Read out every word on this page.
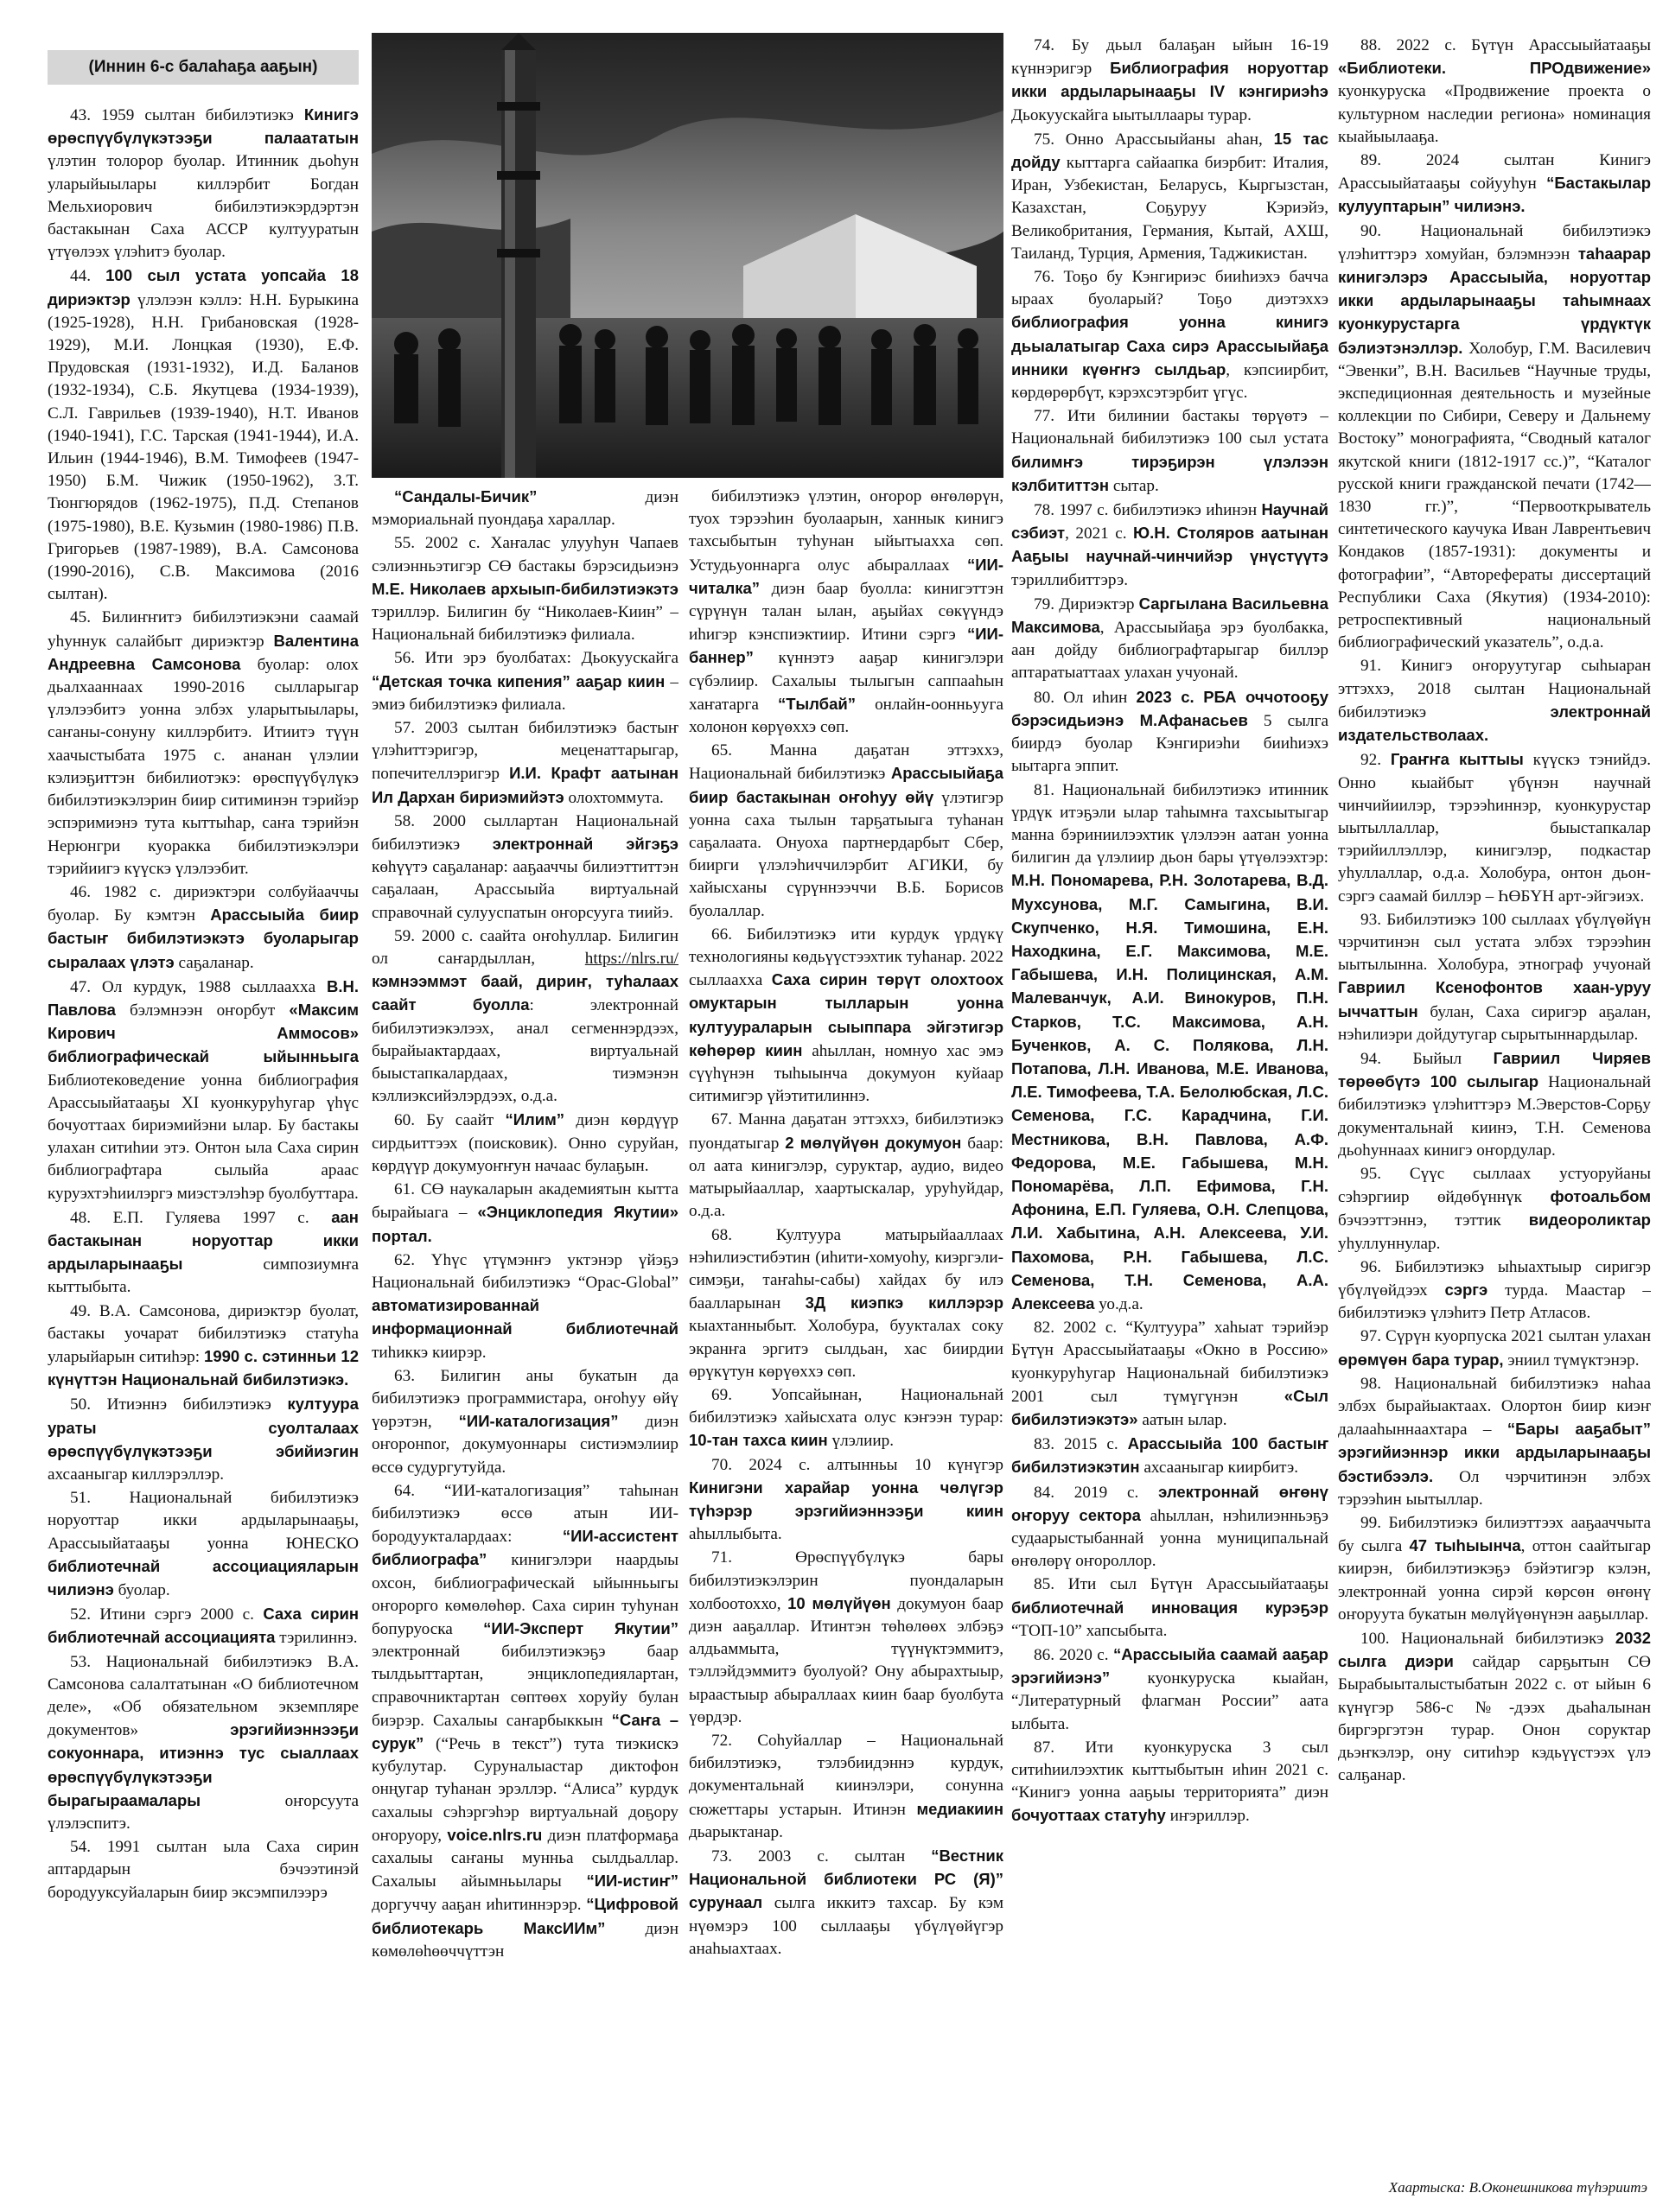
(Иннин 6-с балаһаҕа ааҕын)

43. 1959 сылтан бибилэтиэкэ Кинигэ өрөспүүбүлүкэтээҕи палаататын үлэтин толорор буолар. Итинник дьоһун уларыйыылары киллэрбит Богдан Мельхиорович бибилэтиэкэрдэртэн бастакынан Саха АССР култууратын үтүөлээх үлэһитэ буолар.

44. 100 сыл устата уопсайа 18 дириэктэр үлэлээн кэллэ: Н.Н. Бурыкина (1925-1928), Н.Н. Грибановская (1928-1929), М.И. Лонцкая (1930), Е.Ф. Прудовская (1931-1932), И.Д. Баланов (1932-1934), С.Б. Якутцева (1934-1939), С.Л. Гаврильев (1939-1940), Н.Т. Иванов (1940-1941), Г.С. Тарская (1941-1944), И.А. Ильин (1944-1946), В.М. Тимофеев (1947-1950) Б.М. Чижик (1950-1962), З.Т. Тюнгюрядов (1962-1975), П.Д. Степанов (1975-1980), В.Е. Кузьмин (1980-1986) П.В. Григорьев (1987-1989), В.А. Самсонова (1990-2016), С.В. Максимова (2016 сылтан).

45. Билиҥҥитэ бибилэтиэкэни саамай уһуннук салайбыт дириэктэр Валентина Андреевна Самсонова буолар: олох дьалхааннаах 1990-2016 сылларыгар үлэлээбитэ уонна элбэх уларытыылары, саҥаны-сонуну киллэрбитэ. Итиитэ түүн хаачыстыбата 1975 с. ананан үлэлии кэлиэҕиттэн бибилиотэкэ: өрөспүүбүлүкэ бибилэтиэкэлэрин биир ситиминэн тэрийэр эспэримиэнэ тута кыттыһар, саҥа тэрийэн Нерюнгри куоракка бибилэтиэкэлэри тэрийиигэ күүскэ үлэлээбит.

46. 1982 с. дириэктэри солбуйааччы буолар. Бу кэмтэн Арассыыйа биир бастыҥ бибилэтиэкэтэ буоларыгар сыралаах үлэтэ саҕаланар.

47. Ол курдук, 1988 сыллааххa В.Н. Павлова бэлэмнээн оҥорбут «Максим Кирович Аммосов» библиографическай ыйынньыга Библиотековедение уонна библиография Арассыыйатааҕы XI куонкуруһугар үһүс бочуоттаах бириэмийэни ылар. Бу бастакы улахан ситиһии этэ. Онтон ыла Саха сирин библиографтара сылыйа араас куруэхтэһиилэргэ миэстэлэһэр буолбуттара.

48. Е.П. Гуляева 1997 с. аан бастакынан норуоттар икки ардыларынааҕы симпозиумҥа кыттыбыта.

49. В.А. Самсонова, дириэктэр буолат, бастакы уочарат бибилэтиэкэ статуһа уларыйарын ситиһэр: 1990 с. сэтинньи 12 күнүттэн Национальнай бибилэтиэкэ.

50. Итиэннэ бибилэтиэкэ култуура ураты суолталаах өрөспүүбүлүкэтээҕи эбийиэгин ахсааныгар киллэрэллэр.

51. Национальнай бибилэтиэкэ норуоттар икки ардыларынааҕы, Арассыыйатааҕы уонна ЮНЕСКО библиотечнай ассоциацияларын чилиэнэ буолар.

52. Итини сэргэ 2000 с. Саха сирин библиотечнай ассоциацията тэрилиннэ.

53. Национальнай бибилэтиэкэ В.А. Самсонова салалтатынан «О библиотечном деле», «Об обязательном экземпляре документов» эрэгийиэннээҕи сокуоннара, итиэннэ тус сыаллаах өрөспүүбүлүкэтээҕи бырагыраамалары оҥорсуута үлэлэспитэ.

54. 1991 сылтан ыла Саха сирин аптардарын бэчээтинэй бородууксуйаларын биир эксэмпилээрэ

“Сандалы-Бичик” диэн мэмориальнай пуондаҕа хараллар.

55. 2002 с. Хаҥалас улууһун Чапаев сэлиэнньэтигэр СӨ бастакы бэрэсидьиэнэ М.Е. Николаев архыып-бибилэтиэкэтэ тэриллэр. Билигин бу “Николаев-Киин” – Национальнай бибилэтиэкэ филиала.

56. Ити эрэ буолбатах: Дьокуускайга “Детская точка кипения” ааҕар киин – эмиэ бибилэтиэкэ филиала.

57. 2003 сылтан бибилэтиэкэ бастыҥ үлэһиттэригэр, меценаттарыгар, попечителлэригэр И.И. Крафт аатынан Ил Дархан бириэмийэтэ олохтоммута.

58. 2000 сыллартан Национальнай бибилэтиэкэ электроннай эйгэҕэ көһүүтэ саҕаланар: ааҕааччы билиэттиттэн саҕалаан, Арассыыйа виртуальнай справочнай сулууспатын оҥорсууга тиийэ.

59. 2000 с. саайта оҥоһуллар. Билигин ол саҥардыллан, https://nlrs.ru/ кэмнээммэт баай, дириҥ, туһалаах саайт буолла: электроннай бибилэтиэкэлээх, анал сегменнэрдээх, бырайыактардаах, виртуальнай быыстапкалардаах, тиэмэнэн кэллиэксийэлэрдээх, о.д.а.

60. Бу саайт “Илим” диэн көрдүүр сирдьиттээх (поисковик). Онно суруйан, көрдүүр докумуоҥҥун начаас булаҕын.

61. СӨ наукаларын академиятын кытта бырайыага – «Энциклопедия Якутии» портал.

62. Үһүс үтүмэнҥэ уктэнэр үйэҕэ Национальнай бибилэтиэкэ “Opac-Global” автоматизированнай информационнай библиотечнай тиһиккэ киирэр.

63. Билигин аны букатын да бибилэтиэкэ программистара, оҥоһуу өйү үөрэтэн, “ИИ-каталогизация” диэн оҥоронnor, докумуоннары систиэмэлиир өссө судургутуйда.

64. “ИИ-каталогизация” таһынан бибилэтиэкэ өссө атын ИИ-бородуукталардаах: “ИИ-ассистент библиографа” кинигэлэри наардыы охсон, библиографическай ыйынньыгы оҥорорго көмөлөһөр. Саха сирин туһунан бопуруоска “ИИ-Эксперт Якутии” электроннай бибилэтиэкэҕэ баар тылдьыттартан, энциклопедиялартан, справочниктартан сөптөөх хоруйу булан биэрэр. Сахалыы саҥарбыккын “Саҥа – сурук” (“Речь в текст”) тута тиэкискэ кубулутар. Суруналыастар диктофон онңугар туһанан эрэллэр. “Алиса” курдук сахалыы сэһэргэһэр виртуальнай доҕору оҥоруору, voice.nlrs.ru диэн платформаҕа сахалыы саҥаны мунньа сылдьаллар. Сахалыы айымньылары “ИИ-истиҥ” доргуччу ааҕан иһитиннэрэр. “Цифровой библиотекарь МаксИИм” диэн көмөлөһөөччүттэн

бибилэтиэкэ үлэтин, оҥорор өҥөлөрүн, туох тэрээһин буолаарын, ханнык кинигэ тахсыбытын туһунан ыйытыахха сөп. Устудьуоннарга олус абыраллаах “ИИ-читалка” диэн баар буолла: кинигэттэн сүрүнүн талан ылан, аҕыйах сөкүүндэ иһигэр кэнспиэктиир. Итини сэргэ “ИИ-баннер” күннэтэ ааҕар кинигэлэри сүбэлиир. Сахалыы тылыгын саппааһын хаҥатарга “Тылбай” онлайн-оонньууга холонон көрүөххэ сөп.

65. Манна даҕатан эттэххэ, Национальнай бибилэтиэкэ Арассыыйаҕа биир бастакынан оҥоһуу өйү үлэтигэр уонна саха тылын тарҕатыыга туһанан саҕалаата. Онуоха партнердарбыт Сбер, биирги үлэлэһиччилэрбит АГИКИ, бу хайысханы сүрүннээччи В.Б. Борисов буолаллар.

66. Бибилэтиэкэ ити курдук үрдүкү технологияны көдьүүстээхтик туһанар. 2022 сыллааххa Саха сирин төрүт олохтоох омуктарын тылларын уонна култуураларын сыыппара эйгэтигэр көһөрөр киин аһыллан, номнуо хас эмэ сүүһүнэн тыһыынча докумуон куйаар ситимигэр үйэтитилиннэ.

67. Манна даҕатан эттэххэ, бибилэтиэкэ пуондатыгар 2 мөлүйүөн докумуон баар: ол аата кинигэлэр, суруктар, аудио, видео матырыйааллар, хаартыскалар, уруһуйдар, о.д.а.

68. Култуура матырыйааллаах нэһилиэстибэтин (иһити-хомуоһу, киэргэли-симэҕи, таҥаһы-сабы) хайдах бу илэ баалларынан 3Д киэпкэ киллэрэр кыахтанныбыт. Холобура, буукталах соку экранҥа эргитэ сылдьан, хас биирдии өрүкүтун көрүөххэ сөп.

69. Уопсайынан, Национальнай бибилэтиэкэ хайысхата олус кэҥээн турар: 10-тан тахса киин үлэлиир.

70. 2024 с. алтынньы 10 күнүгэр Кинигэни харайар уонна чөлүгэр түһэрэр эрэгийиэннээҕи киин аһыллыбыта.

71. Өрөспүүбүлүкэ бары бибилэтиэкэлэрин пуондаларын холбоотоххо, 10 мөлүйүөн докумуон баар диэн ааҕаллар. Итинтэн төһөлөөх элбэҕэ алдьаммыта, түүнүктэммитэ, тэллэйдэммитэ буолуой? Ону абырахтыыр, ыраастыыр абыраллаах киин баар буолбута үөрдэр.

72. Соһуйаллар – Национальнай бибилэтиэкэ, тэлэбиидэннэ курдук, документальнай киинэлэри, сонунна сюжеттары устарын. Итинэн медиакиин дьарыктанар.

73. 2003 с. сылтан “Вестник Национальной библиотеки РС (Я)” сурунаал сылга иккитэ тахсар. Бу кэм нүөмэрэ 100 сыллааҕы үбүлүөйүгэр анаһыахтаах.

74. Бу дьыл балаҕан ыйын 16-19 күннэригэр Библиография норуоттар икки ардыларынааҕы IV кэнгириэһэ Дьокуускайга ыытыллаары турар.

75. Онно Арассыыйаны аһан, 15 тас дойду кыттарга сайаапка биэрбит: Италия, Иран, Узбекистан, Беларусь, Кыргызстан, Казахстан, Соҕуруу Кэриэйэ, Великобритания, Германия, Кытай, АХШ, Таиланд, Турция, Армения, Таджикистан.

76. Тоҕо бу Кэнгириэс бииһиэхэ бачча ыраах буоларый? Тоҕо диэтэххэ библиография уонна кинигэ дьыалатыгар Саха сирэ Арассыыйаҕа инники күөҥҥэ сылдьар, кэпсиирбит, көрдөрөрбүт, кэрэхсэтэрбит үгүс.

77. Ити билинии бастакы төрүөтэ – Национальнай бибилэтиэкэ 100 сыл устата билимҥэ тирэҕирэн үлэлээн кэлбититтэн сытар.

78. 1997 с. бибилэтиэкэ иһинэн Научнай сэбиэт, 2021 с. Ю.Н. Столяров аатынан Ааҕыы научнай-чинчийэр үнүстүүтэ тэриллибиттэрэ.

79. Дириэктэр Саргылана Васильевна Максимова, Арассыыйаҕа эрэ буолбакка, аан дойду библиографтарыгар биллэр аптаратыаттаах улахан учуонай.

80. Ол иһин 2023 с. РБА оччотооҕу бэрэсидьиэнэ М.Афанасьев 5 сылга биирдэ буолар Кэнгириэһи бииһиэхэ ыытарга эппит.

81. Национальнай бибилэтиэкэ итинник үрдүк итэҕэли ылар таһымҥа тахсыытыгар манна бэриниилээхтик үлэлээн аатан уонна билигин да үлэлиир дьон бары үтүөлээхтэр: М.Н. Пономарева, Р.Н. Золотарева, В.Д. Мухсунова, М.Г. Самыгина, В.И. Скупченко, Н.Я. Тимошина, Е.Н. Находкина, Е.Г. Максимова, М.Е. Габышева, И.Н. Полицинская, А.М. Малеванчук, А.И. Винокуров, П.Н. Старков, Т.С. Максимова, А.Н. Бученков, А. С. Полякова, Л.Н. Потапова, Л.Н. Иванова, М.Е. Иванова, Л.Е. Тимофеева, Т.А. Белолюбская, Л.С. Семенова, Г.С. Карадчина, Г.И. Местникова, В.Н. Павлова, А.Ф. Федорова, М.Е. Габышева, М.Н. Пономарёва, Л.П. Ефимова, Г.Н. Афонина, Е.П. Гуляева, О.Н. Слепцова, Л.И. Хабытина, А.Н. Алексеева, У.И. Пахомова, Р.Н. Габышева, Л.С. Семенова, Т.Н. Семенова, А.А. Алексеева уо.д.а.

82. 2002 с. “Култуура” хаһыат тэрийэр Бүтүн Арассыыйатааҕы «Окно в Россию» куонкуруһугар Национальнай бибилэтиэкэ 2001 сыл түмүгүнэн «Сыл бибилэтиэкэтэ» аатын ылар.

83. 2015 с. Арассыыйа 100 бастыҥ бибилэтиэкэтин ахсааныгар киирбитэ.

84. 2019 с. электроннай өҥөнү оҥоруу сектора аһыллан, нэһилиэнньэҕэ судаарыстыбаннай уонна муниципальнай өҥөлөрү оҥороллор.

85. Ити сыл Бүтүн Арассыыйатааҕы библиотечнай инновация курэҕэр “ТОП-10” хапсыбыта.

86. 2020 с. “Арассыыйа саамай ааҕар эрэгийиэнэ” куонкуруска кыайан, “Литературный флагман России” аата ылбыта.

87. Ити куонкуруска 3 сыл ситиһиилээхтик кыттыбытын иһин 2021 с. “Кинигэ уонна ааҕыы территорията” диэн бочуоттаах статуһу иҥэриллэр.

88. 2022 с. Бүтүн Арассыыйатааҕы «Библиотеки. ПРОдвижение» куонкуруска «Продвижение проекта о культурном наследии региона» номинация кыайыылааҕа.

89. 2024 сылтан Кинигэ Арассыыйатааҕы сойууһун “Бастакылар кулууптарын” чилиэнэ.

90. Национальнай бибилэтиэкэ үлэһиттэрэ хомуйан, бэлэмнээн таһаарар кинигэлэрэ Арассыыйа, норуоттар икки ардыларынааҕы таһымнаах куонкурустарга үрдүктүк бэлиэтэнэллэр. Холобур, Г.М. Василевич “Эвенки”, В.Н. Васильев “Научные труды, экспедиционная деятельность и музейные коллекции по Сибири, Северу и Дальнему Востоку” монографията, “Сводный каталог якутской книги (1812-1917 сс.)”, “Каталог русской книги гражданской печати (1742—1830 гг.)”, “Первооткрыватель синтетического каучука Иван Лаврентьевич Кондаков (1857-1931): документы и фотографии”, “Авторефераты диссертаций Республики Саха (Якутия) (1934-2010): ретроспективный национальный библиографический указатель”, о.д.а.

91. Кинигэ оҥоруутугар сыһыаран эттэххэ, 2018 сылтан Национальнай бибилэтиэкэ электроннай издательстволаах.

92. Граҥҥа кыттыы күүскэ тэнийдэ. Онно кыайбыт үбүнэн научнай чинчийиилэр, тэрээһиннэр, куонкурустар ыытыллаллар, быыстапкалар тэрийиллэллэр, кинигэлэр, подкастар уһуллаллар, о.д.а. Холобура, онтон дьон-сэргэ саамай биллэр – ҺӨБҮН арт-эйгэиэх.

93. Бибилэтиэкэ 100 сыллаах үбүлүөйүн чэрчитинэн сыл устата элбэх тэрээһин ыытылынна. Холобура, этнограф учуонай Гавриил Ксенофонтов хаан-уруу ыччаттын булан, Саха сиригэр аҕалан, нэһилиэри дойдутугар сырытыннардылар.

94. Быйыл Гавриил Чиряев төрөөбүтэ 100 сылыгар Национальнай бибилэтиэкэ үлэһиттэрэ М.Эверстов-Сорҕу документальнай киинэ, Т.Н. Семенова дьоһуннаах кинигэ оҥордулар.

95. Сүүс сыллаах устуоруйаны сэһэргиир өйдөбүннүк фотоальбом бэчээттэннэ, тэттик видеороликтар уһуллуннулар.

96. Бибилэтиэкэ ыһыахтыыр сиригэр үбүлүөйдээх сэргэ турда. Маастар – бибилэтиэкэ үлэһитэ Петр Атласов.

97. Сүрүн куорпуска 2021 сылтан улахан өрөмүөн бара турар, эниил түмүктэнэр.

98. Национальнай бибилэтиэкэ наһаа элбэх бырайыактаах. Олортон биир киэҥ далааһыннаахтара – “Бары ааҕабыт” эрэгийиэннэр икки ардыларынааҕы бэстибээлэ. Ол чэрчитинэн элбэх тэрээһин ыытыллар.

99. Бибилэтиэкэ билиэттээх ааҕааччыта бу сылга 47 тыһыынча, оттон саайтыгар киирэн, бибилэтиэкэҕэ бэйэтигэр кэлэн, электроннай уонна сирэй көрсөн өҥөнү оҥоруута букатын мөлүйүөнүнэн ааҕыллар.

100. Национальнай бибилэтиэкэ 2032 сылга диэри сайдар сарҕытын СӨ Бырабыыталыстыбатын 2022 с. от ыйын 6 күнүгэр 586-с №-дээх дьаһалынан биргэргэтэн турар. Онон соруктар дьэҥкэлэр, ону ситиһэр кэдьүүстээх үлэ салҕанар.

Хаартыска: В.Оконешникова түһэриитэ
